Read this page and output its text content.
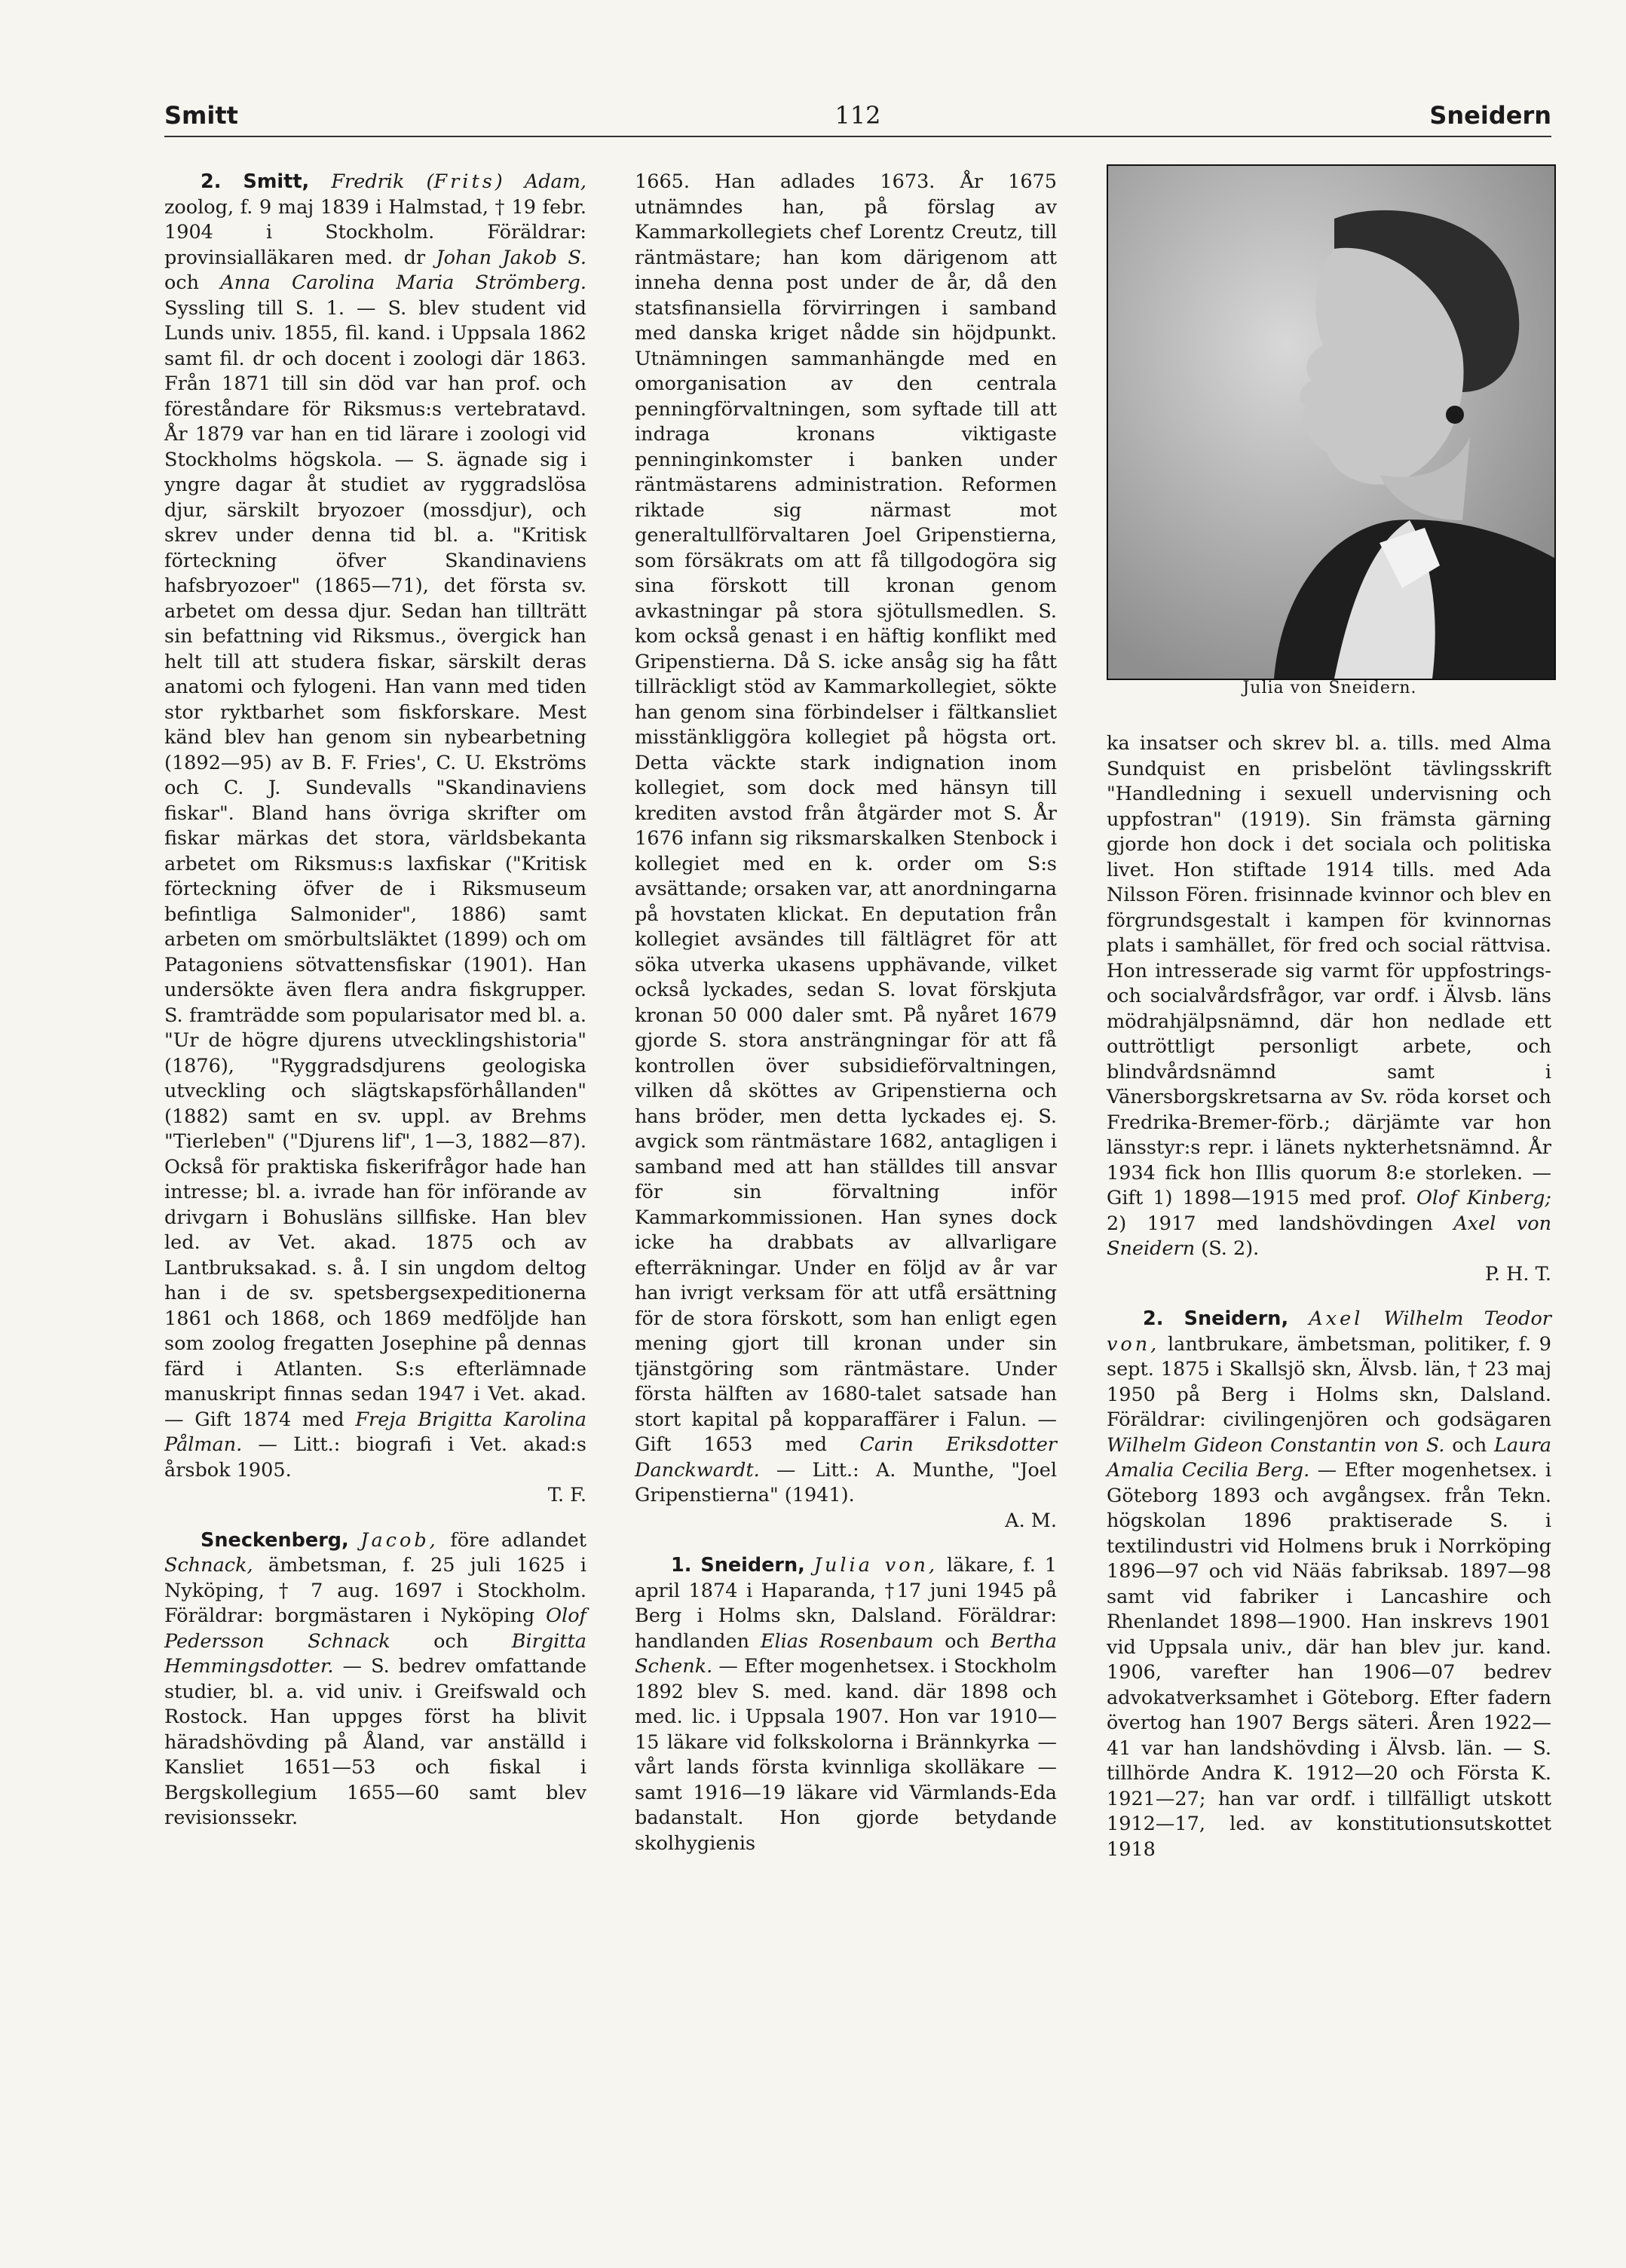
Smitt	112	Sneidern

2. Smitt, Fredrik (Frits) Adam, zoolog, f. 9 maj 1839 i Halmstad, † 19 febr. 1904 i Stockholm. Föräldrar: provinsialläkaren med. dr Johan Jakob S. och Anna Carolina Maria Strömberg. Syssling till S. 1. — S. blev student vid Lunds univ. 1855, fil. kand. i Uppsala 1862 samt fil. dr och docent i zoologi där 1863. Från 1871 till sin död var han prof. och föreståndare för Riksmus:s vertebratavd. År 1879 var han en tid lärare i zoologi vid Stockholms högskola. — S. ägnade sig i yngre dagar åt studiet av ryggradslösa djur, särskilt bryozoer (mossdjur), och skrev under denna tid bl. a. "Kritisk förteckning öfver Skandinaviens hafsbryozoer" (1865—71), det första sv. arbetet om dessa djur. Sedan han tillträtt sin befattning vid Riksmus., övergick han helt till att studera fiskar, särskilt deras anatomi och fylogeni. Han vann med tiden stor ryktbarhet som fiskforskare. Mest känd blev han genom sin nybearbetning (1892—95) av B. F. Fries', C. U. Ekströms och C. J. Sundevalls "Skandinaviens fiskar". Bland hans övriga skrifter om fiskar märkas det stora, världsbekanta arbetet om Riksmus:s laxfiskar ("Kritisk förteckning öfver de i Riksmuseum befintliga Salmonider", 1886) samt arbeten om smörbultsläktet (1899) och om Patagoniens sötvattensfiskar (1901). Han undersökte även flera andra fiskgrupper. S. framträdde som popularisator med bl. a. "Ur de högre djurens utvecklingshistoria" (1876), "Ryggradsdjurens geologiska utveckling och slägtskapsförhållanden" (1882) samt en sv. uppl. av Brehms "Tierleben" ("Djurens lif", 1—3, 1882—87). Också för praktiska fiskerifrågor hade han intresse; bl. a. ivrade han för införande av drivgarn i Bohusläns sillfiske. Han blev led. av Vet. akad. 1875 och av Lantbruksakad. s. å. I sin ungdom deltog han i de sv. spetsbergsexpeditionerna 1861 och 1868, och 1869 medföljde han som zoolog fregatten Josephine på dennas färd i Atlanten. S:s efterlämnade manuskript finnas sedan 1947 i Vet. akad. — Gift 1874 med Freja Brigitta Karolina Pålman. — Litt.: biografi i Vet. akad:s årsbok 1905.

T. F.

Sneckenberg, Jacob, före adlandet Schnack, ämbetsman, f. 25 juli 1625 i Nyköping, † 7 aug. 1697 i Stockholm. Föräldrar: borgmästaren i Nyköping Olof Pedersson Schnack och Birgitta Hemmingsdotter. — S. bedrev omfattande studier, bl. a. vid univ. i Greifswald och Rostock. Han uppges först ha blivit häradshövding på Åland, var anställd i Kansliet 1651—53 och fiskal i Bergskollegium 1655—60 samt blev revisionssekr.

1665. Han adlades 1673. År 1675 utnämndes han, på förslag av Kammarkollegiets chef Lorentz Creutz, till räntmästare; han kom därigenom att inneha denna post under de år, då den statsfinansiella förvirringen i samband med danska kriget nådde sin höjdpunkt. Utnämningen sammanhängde med en omorganisation av den centrala penningförvaltningen, som syftade till att indraga kronans viktigaste penninginkomster i banken under räntmästarens administration. Reformen riktade sig närmast mot generaltullförvaltaren Joel Gripenstierna, som försäkrats om att få tillgodogöra sig sina förskott till kronan genom avkastningar på stora sjötullsmedlen. S. kom också genast i en häftig konflikt med Gripenstierna. Då S. icke ansåg sig ha fått tillräckligt stöd av Kammarkollegiet, sökte han genom sina förbindelser i fältkansliet misstänkliggöra kollegiet på högsta ort. Detta väckte stark indignation inom kollegiet, som dock med hänsyn till krediten avstod från åtgärder mot S. År 1676 infann sig riksmarskalken Stenbock i kollegiet med en k. order om S:s avsättande; orsaken var, att anordningarna på hovstaten klickat. En deputation från kollegiet avsändes till fältlägret för att söka utverka ukasens upphävande, vilket också lyckades, sedan S. lovat förskjuta kronan 50 000 daler smt. På nyåret 1679 gjorde S. stora ansträngningar för att få kontrollen över subsidieförvaltningen, vilken då sköttes av Gripenstierna och hans bröder, men detta lyckades ej. S. avgick som räntmästare 1682, antagligen i samband med att han ställdes till ansvar för sin förvaltning inför Kammarkommissionen. Han synes dock icke ha drabbats av allvarligare efterräkningar. Under en följd av år var han ivrigt verksam för att utfå ersättning för de stora förskott, som han enligt egen mening gjort till kronan under sin tjänstgöring som räntmästare. Under första hälften av 1680-talet satsade han stort kapital på kopparaffärer i Falun. — Gift 1653 med Carin Eriksdotter Danckwardt. — Litt.: A. Munthe, "Joel Gripenstierna" (1941).

A. M.

1. Sneidern, Julia von, läkare, f. 1 april 1874 i Haparanda, †17 juni 1945 på Berg i Holms skn, Dalsland. Föräldrar: handlanden Elias Rosenbaum och Bertha Schenk. — Efter mogenhetsex. i Stockholm 1892 blev S. med. kand. där 1898 och med. lic. i Uppsala 1907. Hon var 1910—15 läkare vid folkskolorna i Brännkyrka — vårt lands första kvinnliga skolläkare — samt 1916—19 läkare vid Värmlands-Eda badanstalt. Hon gjorde betydande skolhygienis

Julia von Sneidern.

ka insatser och skrev bl. a. tills. med Alma Sundquist en prisbelönt tävlingsskrift "Handledning i sexuell undervisning och uppfostran" (1919). Sin främsta gärning gjorde hon dock i det sociala och politiska livet. Hon stiftade 1914 tills. med Ada Nilsson Fören. frisinnade kvinnor och blev en förgrundsgestalt i kampen för kvinnornas plats i samhället, för fred och social rättvisa. Hon intresserade sig varmt för uppfostrings- och socialvårdsfrågor, var ordf. i Älvsb. läns mödrahjälpsnämnd, där hon nedlade ett outtröttligt personligt arbete, och blindvårdsnämnd samt i Vänersborgskretsarna av Sv. röda korset och Fredrika-Bremer-förb.; därjämte var hon länsstyr:s repr. i länets nykterhetsnämnd. År 1934 fick hon Illis quorum 8:e storleken. — Gift 1) 1898—1915 med prof. Olof Kinberg; 2) 1917 med landshövdingen Axel von Sneidern (S. 2).

P. H. T.

2. Sneidern, Axel Wilhelm Teodor von, lantbrukare, ämbetsman, politiker, f. 9 sept. 1875 i Skallsjö skn, Älvsb. län, † 23 maj 1950 på Berg i Holms skn, Dalsland. Föräldrar: civilingenjören och godsägaren Wilhelm Gideon Constantin von S. och Laura Amalia Cecilia Berg. — Efter mogenhetsex. i Göteborg 1893 och avgångsex. från Tekn. högskolan 1896 praktiserade S. i textilindustri vid Holmens bruk i Norrköping 1896—97 och vid Nääs fabriksab. 1897—98 samt vid fabriker i Lancashire och Rhenlandet 1898—1900. Han inskrevs 1901 vid Uppsala univ., där han blev jur. kand. 1906, varefter han 1906—07 bedrev advokatverksamhet i Göteborg. Efter fadern övertog han 1907 Bergs säteri. Åren 1922—41 var han landshövding i Älvsb. län. — S. tillhörde Andra K. 1912—20 och Första K. 1921—27; han var ordf. i tillfälligt utskott 1912—17, led. av konstitutionsutskottet 1918
